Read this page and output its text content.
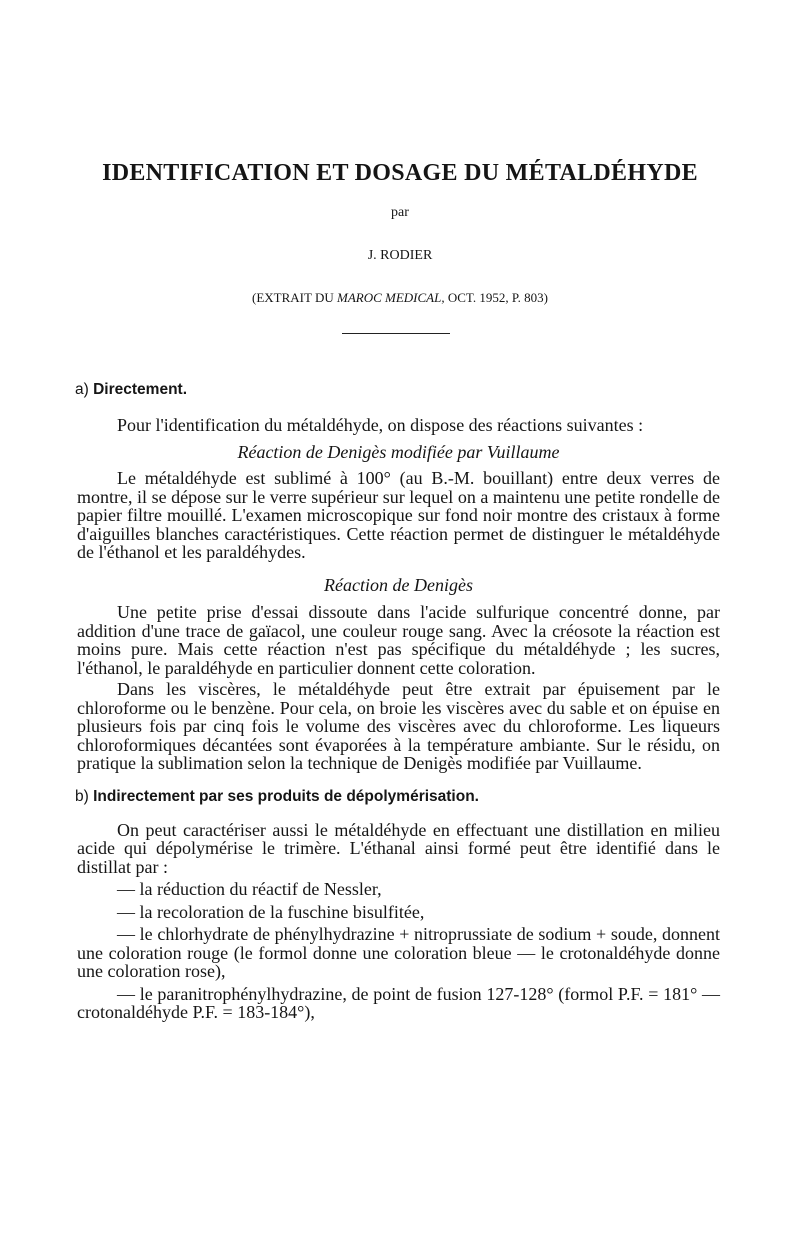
IDENTIFICATION ET DOSAGE DU MÉTALDÉHYDE

par

J. RODIER

(EXTRAIT DU MAROC MEDICAL, OCT. 1952, P. 803)

a) Directement.

Pour l'identification du métaldéhyde, on dispose des réactions suivantes :

Réaction de Denigès modifiée par Vuillaume

Le métaldéhyde est sublimé à 100° (au B.-M. bouillant) entre deux verres de montre, il se dépose sur le verre supérieur sur lequel on a maintenu une petite rondelle de papier filtre mouillé. L'examen microscopique sur fond noir montre des cristaux à forme d'aiguilles blanches caractéristiques. Cette réaction permet de distinguer le métaldéhyde de l'éthanol et les paraldéhydes.

Réaction de Denigès

Une petite prise d'essai dissoute dans l'acide sulfurique concentré donne, par addition d'une trace de gaïacol, une couleur rouge sang. Avec la créosote la réaction est moins pure. Mais cette réaction n'est pas spécifique du métaldéhyde ; les sucres, l'éthanol, le paraldéhyde en particulier donnent cette coloration.

Dans les viscères, le métaldéhyde peut être extrait par épuisement par le chloroforme ou le benzène. Pour cela, on broie les viscères avec du sable et on épuise en plusieurs fois par cinq fois le volume des viscères avec du chloroforme. Les liqueurs chloroformiques décantées sont évaporées à la température ambiante. Sur le résidu, on pratique la sublimation selon la technique de Denigès modifiée par Vuillaume.

b) Indirectement par ses produits de dépolymérisation.

On peut caractériser aussi le métaldéhyde en effectuant une distillation en milieu acide qui dépolymérise le trimère. L'éthanal ainsi formé peut être identifié dans le distillat par :

— la réduction du réactif de Nessler,

— la recoloration de la fuschine bisulfitée,

— le chlorhydrate de phénylhydrazine + nitroprussiate de sodium + soude, donnent une coloration rouge (le formol donne une coloration bleue — le crotonaldéhyde donne une coloration rose),

— le paranitrophénylhydrazine, de point de fusion 127-128° (formol P.F. = 181° — crotonaldéhyde P.F. = 183-184°),
